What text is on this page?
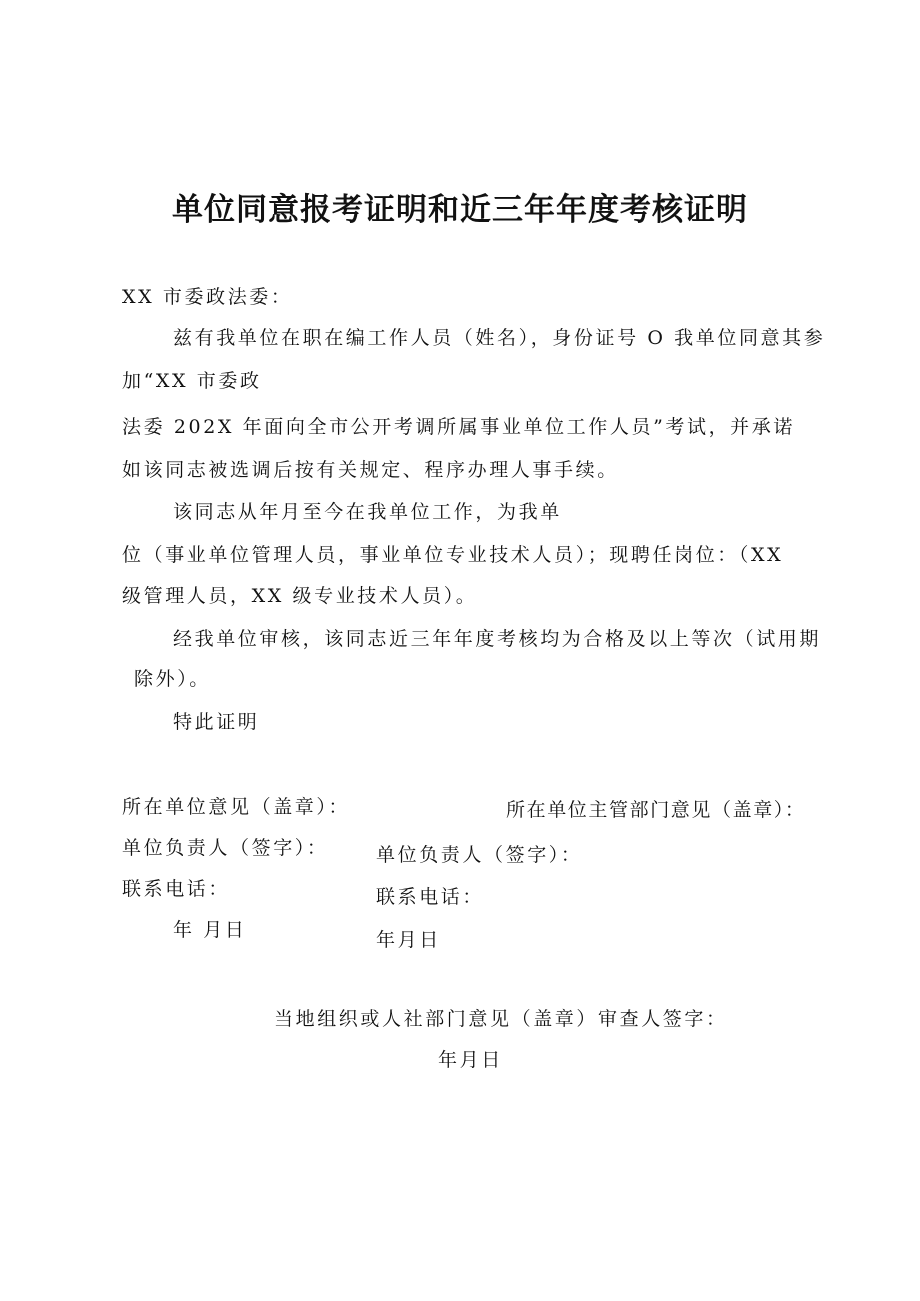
单位同意报考证明和近三年年度考核证明
XX 市委政法委：
兹有我单位在职在编工作人员（姓名），身份证号 O 我单位同意其参
加“XX 市委政
法委 202X 年面向全市公开考调所属事业单位工作人员”考试，并承诺
如该同志被选调后按有关规定、程序办理人事手续。
该同志从年月至今在我单位工作，为我单
位（事业单位管理人员，事业单位专业技术人员）；现聘任岗位：（XX
级管理人员，XX 级专业技术人员）。
经我单位审核，该同志近三年年度考核均为合格及以上等次（试用期
除外）。
特此证明
所在单位意见（盖章）：	所在单位主管部门意见（盖章）：
单位负责人（签字）： 单位负责人（签字）：
联系电话：	联系电话：
年 月日	年月日
当地组织或人社部门意见（盖章）审查人签字：
年月日
